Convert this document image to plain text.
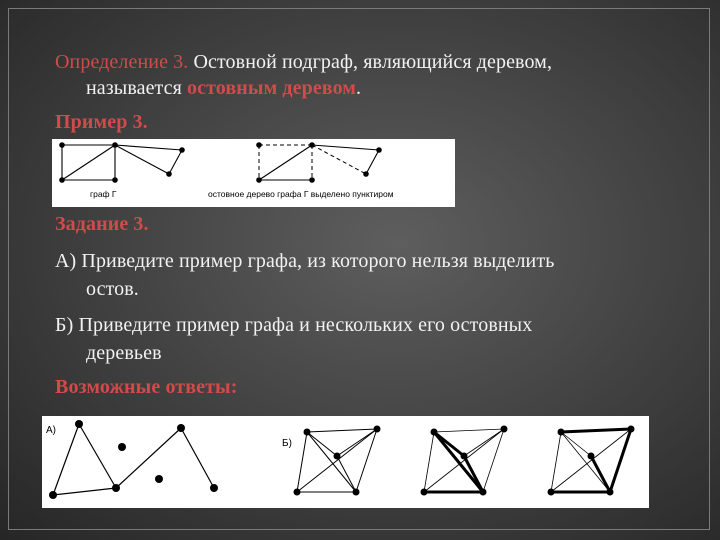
Определение 3. Остовной подграф, являющийся деревом,
называется остовным деревом.
Пример 3.
граф Г	остовное дерево графа Г выделено пунктиром
Задание 3.
А) Приведите пример графа, из которого нельзя выделить
остов.
Б) Приведите пример графа и нескольких его остовных
деревьев
Возможные ответы:
А)
Б)
